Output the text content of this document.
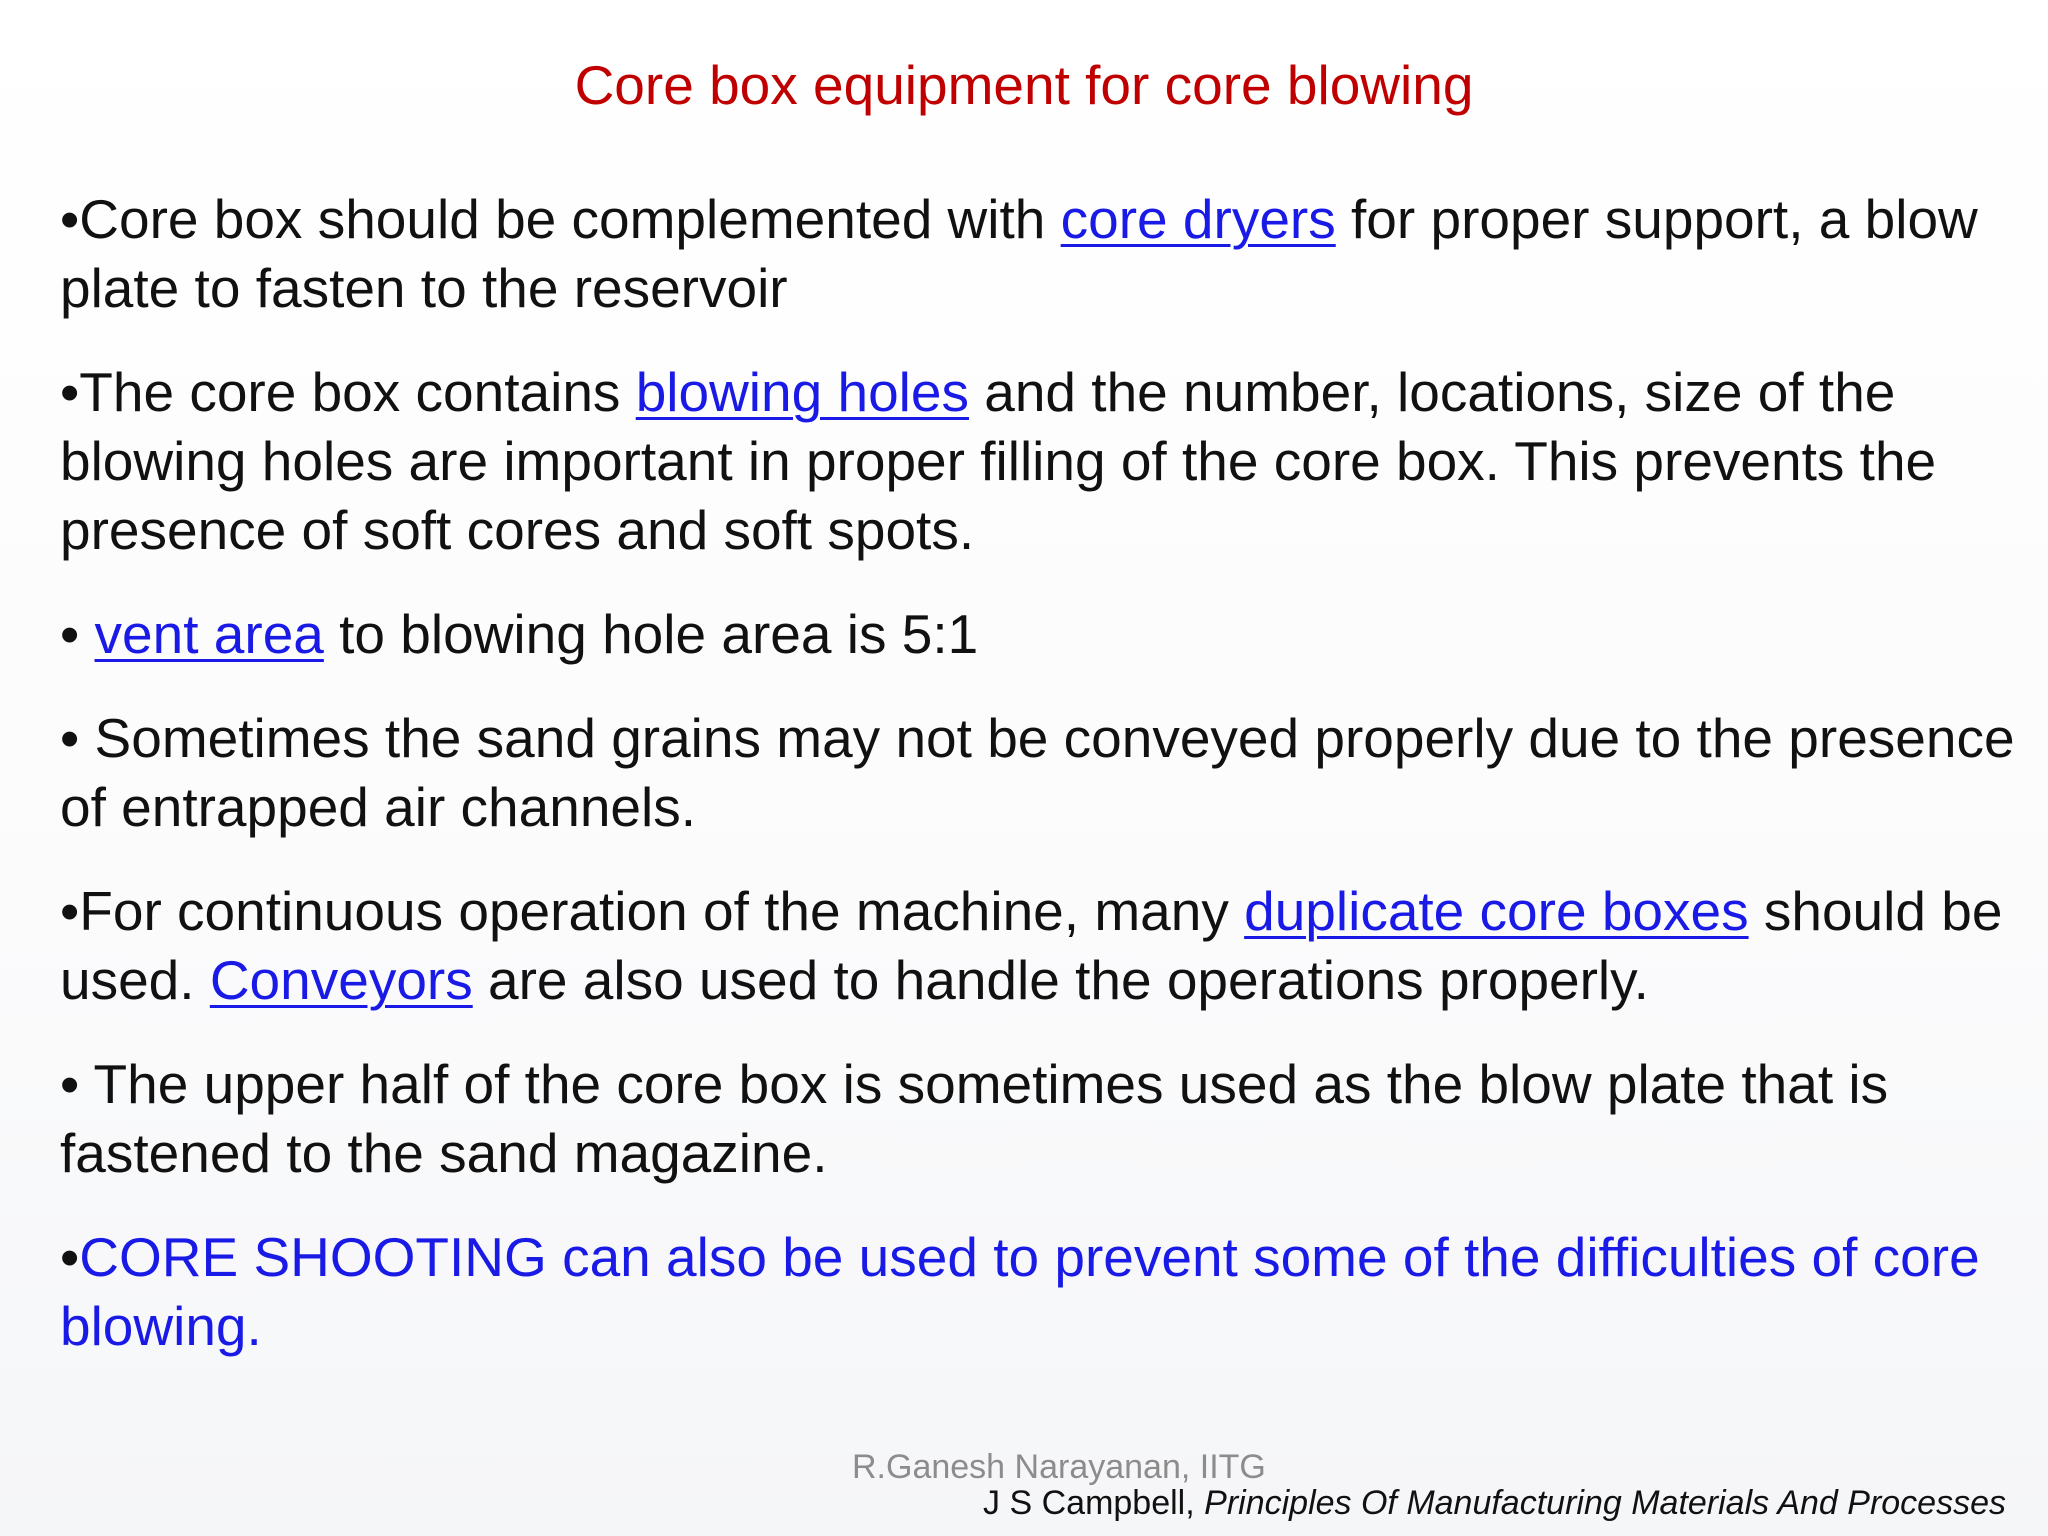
Core box equipment for core blowing

•Core box should be complemented with core dryers for proper support, a blow plate to fasten to the reservoir

•The core box contains blowing holes and the number, locations, size of the blowing holes are important in proper filling of the core box. This prevents the presence of soft cores and soft spots.

• vent area to blowing hole area is 5:1

• Sometimes the sand grains may not be conveyed properly due to the presence of entrapped air channels.

•For continuous operation of the machine, many duplicate core boxes should be used. Conveyors are also used to handle the operations properly.

• The upper half of the core box is sometimes used as the blow plate that is fastened to the sand magazine.

•CORE SHOOTING can also be used to prevent some of the difficulties of core blowing.

R.Ganesh Narayanan, IITG
J S Campbell, Principles Of Manufacturing Materials And Processes
